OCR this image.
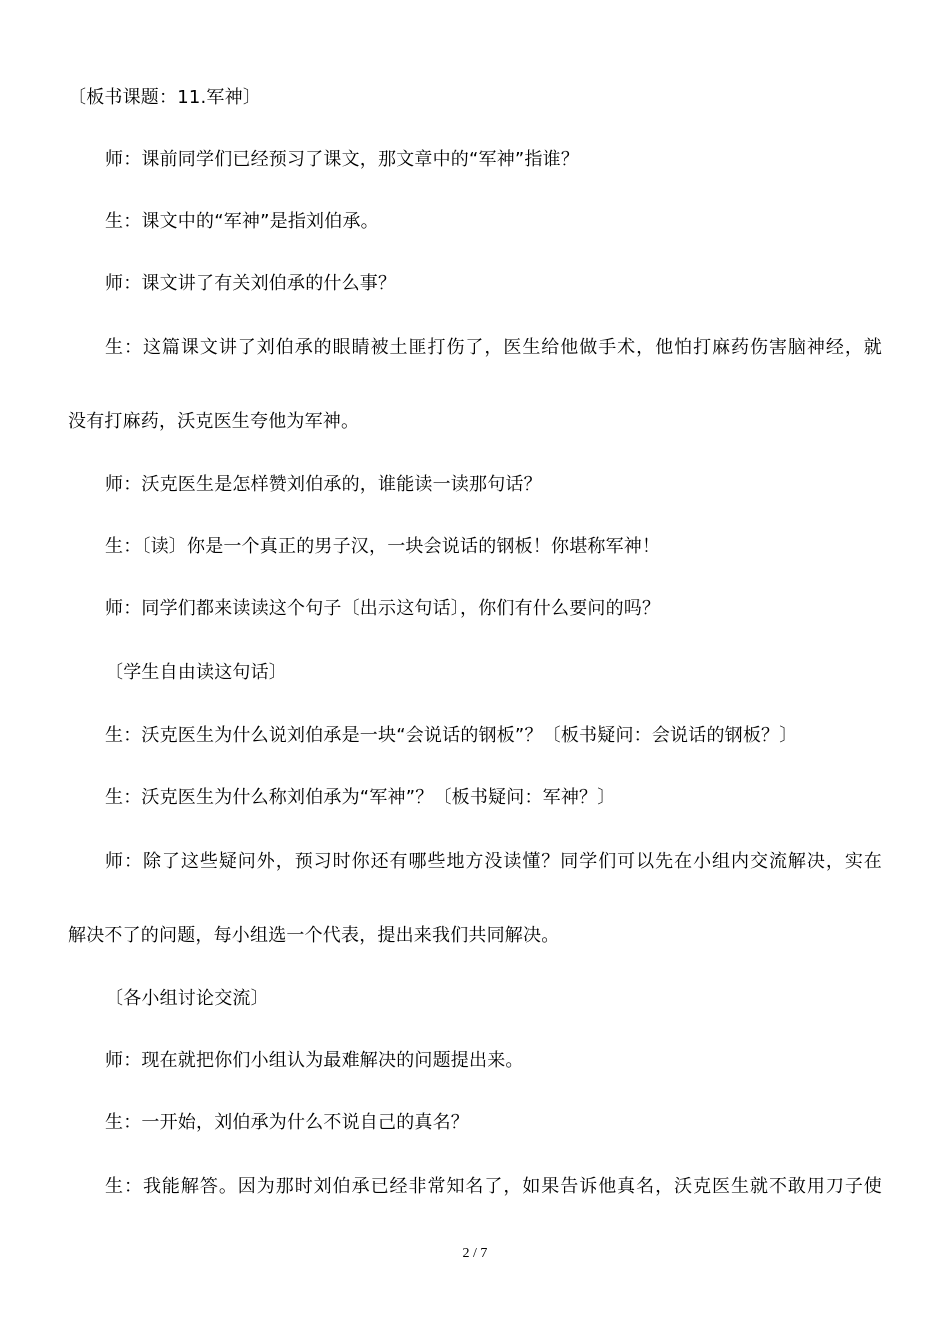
〔板书课题：11.军神〕
师：课前同学们已经预习了课文，那文章中的“军神”指谁？
生：课文中的“军神”是指刘伯承。
师：课文讲了有关刘伯承的什么事？
生：这篇课文讲了刘伯承的眼睛被土匪打伤了，医生给他做手术，他怕打麻药伤害脑神经，就
没有打麻药，沃克医生夸他为军神。
师：沃克医生是怎样赞刘伯承的，谁能读一读那句话？
生：〔读〕你是一个真正的男子汉，一块会说话的钢板！你堪称军神！
师：同学们都来读读这个句子〔出示这句话〕，你们有什么要问的吗？
〔学生自由读这句话〕
生：沃克医生为什么说刘伯承是一块“会说话的钢板”？〔板书疑问：会说话的钢板？〕
生：沃克医生为什么称刘伯承为“军神”？〔板书疑问：军神？〕
师：除了这些疑问外，预习时你还有哪些地方没读懂？同学们可以先在小组内交流解决，实在
解决不了的问题，每小组选一个代表，提出来我们共同解决。
〔各小组讨论交流〕
师：现在就把你们小组认为最难解决的问题提出来。
生：一开始，刘伯承为什么不说自己的真名？
生：我能解答。因为那时刘伯承已经非常知名了，如果告诉他真名，沃克医生就不敢用刀子使
2 / 7
